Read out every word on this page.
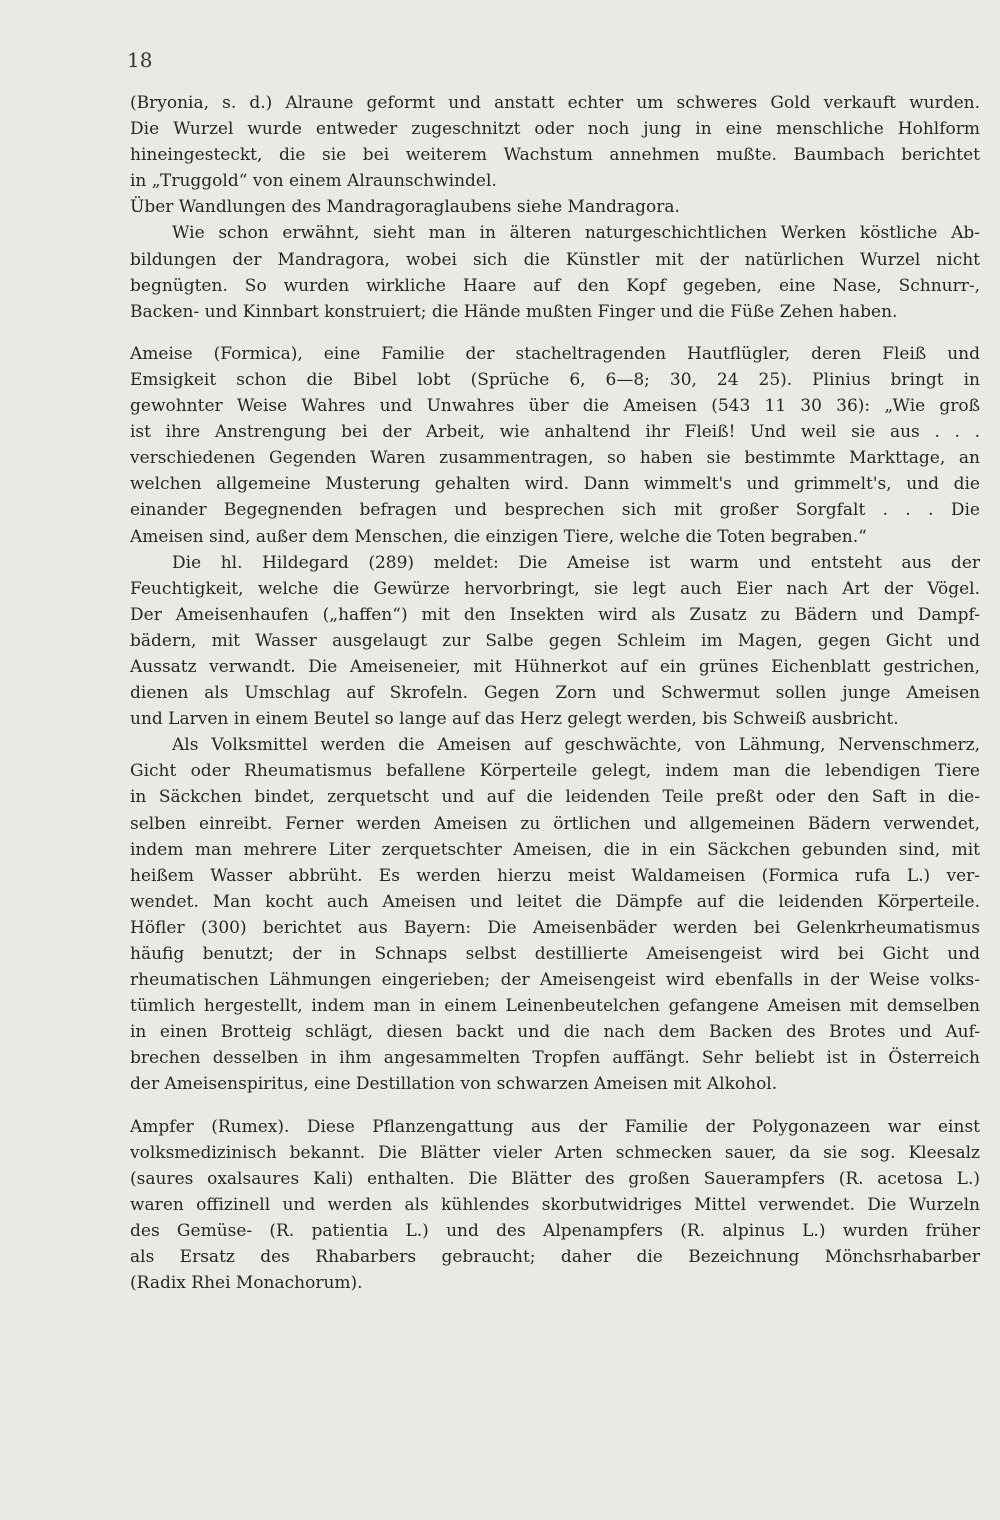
18
(Bryonia, s. d.) Alraune geformt und anstatt echter um schweres Gold verkauft wurden.
Die Wurzel wurde entweder zugeschnitzt oder noch jung in eine menschliche Hohlform
hineingesteckt, die sie bei weiterem Wachstum annehmen mußte. Baumbach berichtet
in „Truggold“ von einem Alraunschwindel.
Über Wandlungen des Mandragoraglaubens siehe Mandragora.
Wie schon erwähnt, sieht man in älteren naturgeschichtlichen Werken köstliche Ab-
bildungen der Mandragora, wobei sich die Künstler mit der natürlichen Wurzel nicht
begnügten. So wurden wirkliche Haare auf den Kopf gegeben, eine Nase, Schnurr-,
Backen- und Kinnbart konstruiert; die Hände mußten Finger und die Füße Zehen haben.
Ameise (Formica), eine Familie der stacheltragenden Hautflügler, deren Fleiß und
Emsigkeit schon die Bibel lobt (Sprüche 6, 6—8; 30, 24 25). Plinius bringt in
gewohnter Weise Wahres und Unwahres über die Ameisen (543 11 30 36): „Wie groß
ist ihre Anstrengung bei der Arbeit, wie anhaltend ihr Fleiß! Und weil sie aus . . .
verschiedenen Gegenden Waren zusammentragen, so haben sie bestimmte Markttage, an
welchen allgemeine Musterung gehalten wird. Dann wimmelt's und grimmelt's, und die
einander Begegnenden befragen und besprechen sich mit großer Sorgfalt . . . Die
Ameisen sind, außer dem Menschen, die einzigen Tiere, welche die Toten begraben.“
Die hl. Hildegard (289) meldet: Die Ameise ist warm und entsteht aus der
Feuchtigkeit, welche die Gewürze hervorbringt, sie legt auch Eier nach Art der Vögel.
Der Ameisenhaufen („haffen“) mit den Insekten wird als Zusatz zu Bädern und Dampf-
bädern, mit Wasser ausgelaugt zur Salbe gegen Schleim im Magen, gegen Gicht und
Aussatz verwandt. Die Ameiseneier, mit Hühnerkot auf ein grünes Eichenblatt gestrichen,
dienen als Umschlag auf Skrofeln. Gegen Zorn und Schwermut sollen junge Ameisen
und Larven in einem Beutel so lange auf das Herz gelegt werden, bis Schweiß ausbricht.
Als Volksmittel werden die Ameisen auf geschwächte, von Lähmung, Nervenschmerz,
Gicht oder Rheumatismus befallene Körperteile gelegt, indem man die lebendigen Tiere
in Säckchen bindet, zerquetscht und auf die leidenden Teile preßt oder den Saft in die-
selben einreibt. Ferner werden Ameisen zu örtlichen und allgemeinen Bädern verwendet,
indem man mehrere Liter zerquetschter Ameisen, die in ein Säckchen gebunden sind, mit
heißem Wasser abbrüht. Es werden hierzu meist Waldameisen (Formica rufa L.) ver-
wendet. Man kocht auch Ameisen und leitet die Dämpfe auf die leidenden Körperteile.
Höfler (300) berichtet aus Bayern: Die Ameisenbäder werden bei Gelenkrheumatismus
häufig benutzt; der in Schnaps selbst destillierte Ameisengeist wird bei Gicht und
rheumatischen Lähmungen eingerieben; der Ameisengeist wird ebenfalls in der Weise volks-
tümlich hergestellt, indem man in einem Leinenbeutelchen gefangene Ameisen mit demselben
in einen Brotteig schlägt, diesen backt und die nach dem Backen des Brotes und Auf-
brechen desselben in ihm angesammelten Tropfen auffängt. Sehr beliebt ist in Österreich
der Ameisenspiritus, eine Destillation von schwarzen Ameisen mit Alkohol.
Ampfer (Rumex). Diese Pflanzengattung aus der Familie der Polygonazeen war einst
volksmedizinisch bekannt. Die Blätter vieler Arten schmecken sauer, da sie sog. Kleesalz
(saures oxalsaures Kali) enthalten. Die Blätter des großen Sauerampfers (R. acetosa L.)
waren offizinell und werden als kühlendes skorbutwidriges Mittel verwendet. Die Wurzeln
des Gemüse- (R. patientia L.) und des Alpenampfers (R. alpinus L.) wurden früher
als Ersatz des Rhabarbers gebraucht; daher die Bezeichnung Mönchsrhabarber
(Radix Rhei Monachorum).
